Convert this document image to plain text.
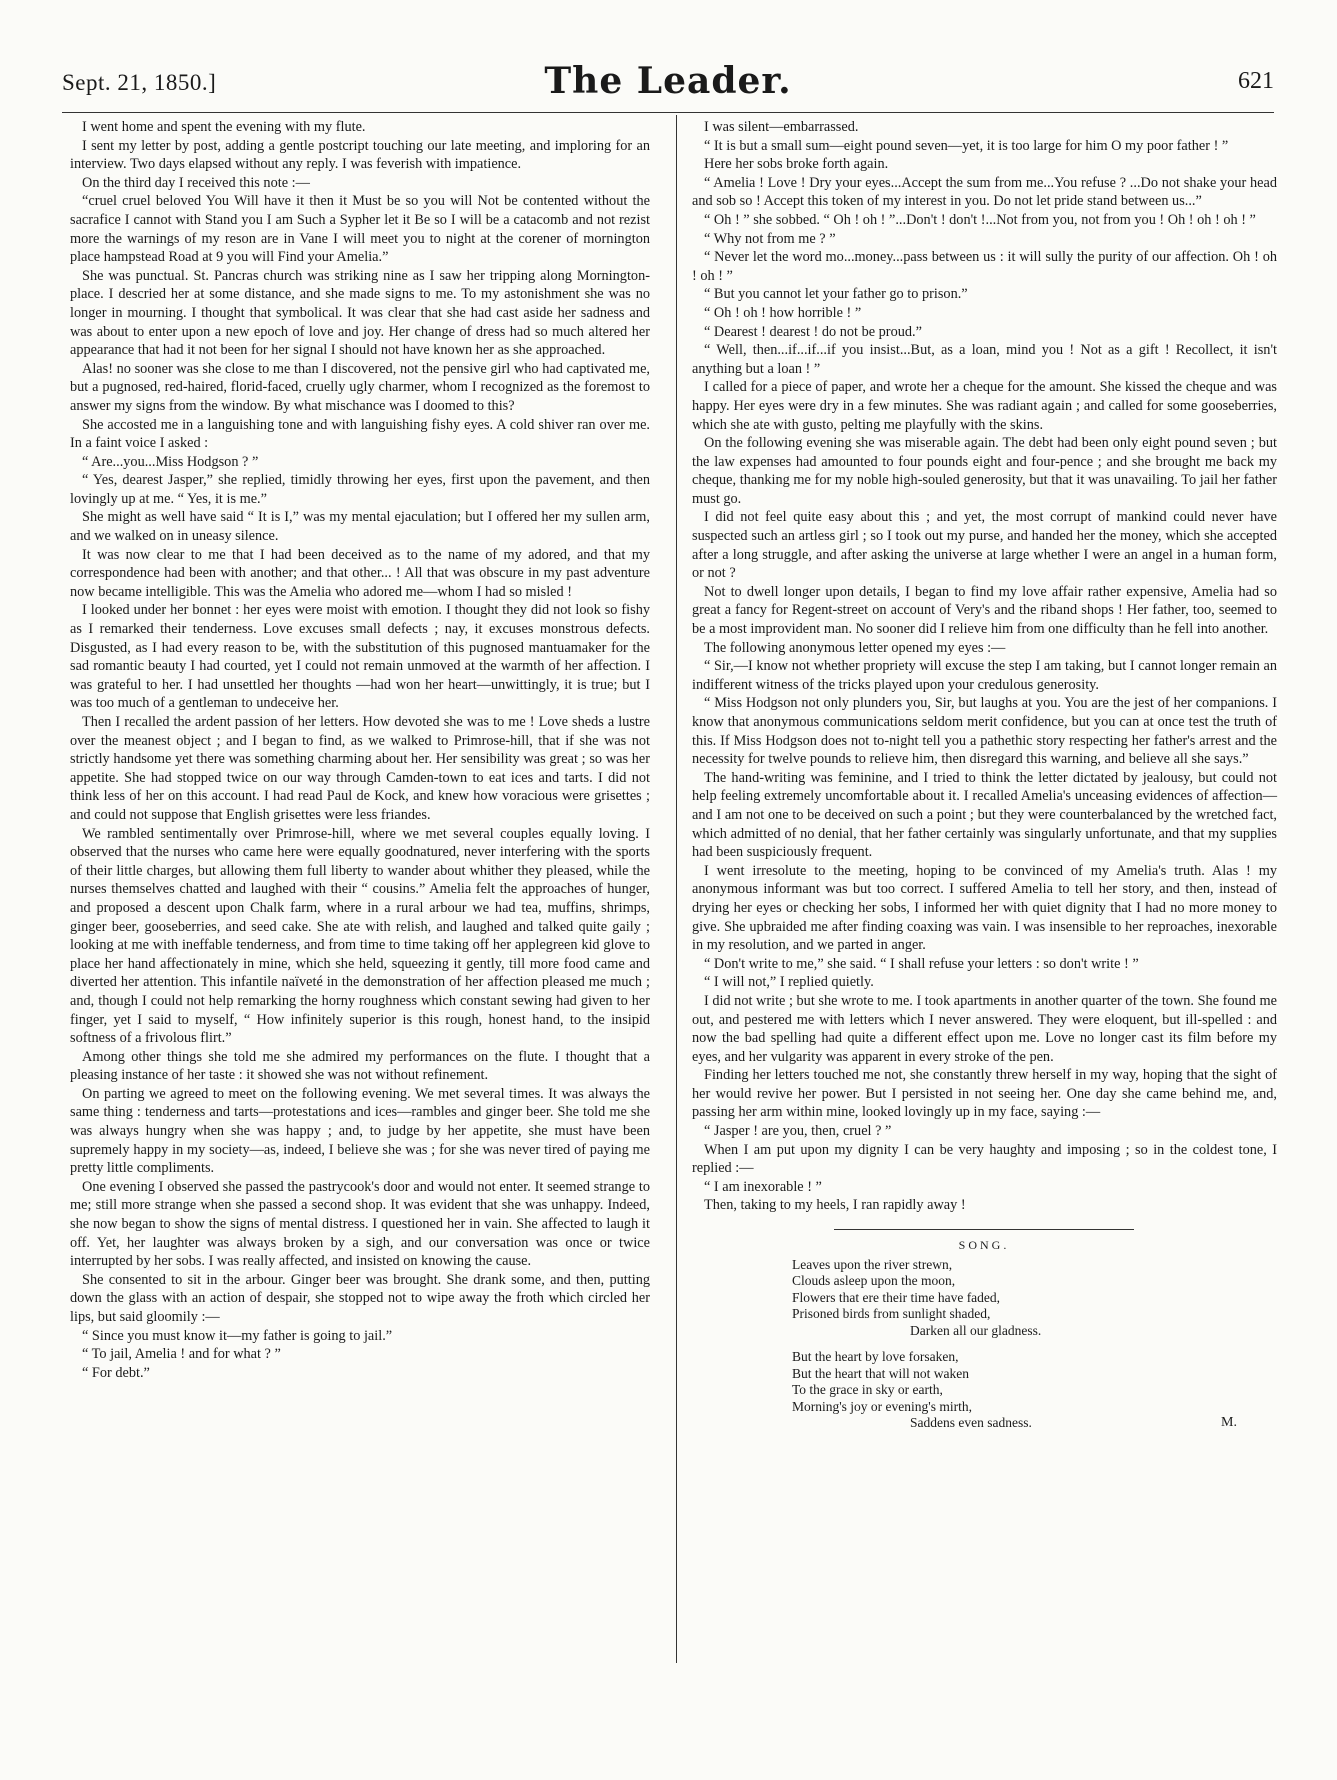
Sept. 21, 1850.]	The Leader.	621

I went home and spent the evening with my flute.

I sent my letter by post, adding a gentle postcript touching our late meeting, and imploring for an interview. Two days elapsed without any reply. I was feverish with impatience.

On the third day I received this note :—

“cruel cruel beloved You Will have it then it Must be so you will Not be contented without the sacrafice I cannot with Stand you I am Such a Sypher let it Be so I will be a catacomb and not rezist more the warnings of my reson are in Vane I will meet you to night at the corener of mornington place hampstead Road at 9 you will Find your Amelia.”

She was punctual. St. Pancras church was striking nine as I saw her tripping along Mornington-place. I descried her at some distance, and she made signs to me. To my astonishment she was no longer in mourning. I thought that symbolical. It was clear that she had cast aside her sadness and was about to enter upon a new epoch of love and joy. Her change of dress had so much altered her appearance that had it not been for her signal I should not have known her as she approached.

Alas! no sooner was she close to me than I discovered, not the pensive girl who had captivated me, but a pugnosed, red-haired, florid-faced, cruelly ugly charmer, whom I recognized as the foremost to answer my signs from the window. By what mischance was I doomed to this?

She accosted me in a languishing tone and with languishing fishy eyes. A cold shiver ran over me. In a faint voice I asked :

“ Are...you...Miss Hodgson ? ”

“ Yes, dearest Jasper,” she replied, timidly throwing her eyes, first upon the pavement, and then lovingly up at me. “ Yes, it is me.”

She might as well have said “ It is I,” was my mental ejaculation; but I offered her my sullen arm, and we walked on in uneasy silence.

It was now clear to me that I had been deceived as to the name of my adored, and that my correspondence had been with another; and that other... ! All that was obscure in my past adventure now became intelligible. This was the Amelia who adored me—whom I had so misled !

I looked under her bonnet : her eyes were moist with emotion. I thought they did not look so fishy as I remarked their tenderness. Love excuses small defects ; nay, it excuses monstrous defects. Disgusted, as I had every reason to be, with the substitution of this pugnosed mantuamaker for the sad romantic beauty I had courted, yet I could not remain unmoved at the warmth of her affection. I was grateful to her. I had unsettled her thoughts —had won her heart—unwittingly, it is true; but I was too much of a gentleman to undeceive her.

Then I recalled the ardent passion of her letters. How devoted she was to me ! Love sheds a lustre over the meanest object ; and I began to find, as we walked to Primrose-hill, that if she was not strictly handsome yet there was something charming about her. Her sensibility was great ; so was her appetite. She had stopped twice on our way through Camden-town to eat ices and tarts. I did not think less of her on this account. I had read Paul de Kock, and knew how voracious were grisettes ; and could not suppose that English grisettes were less friandes.

We rambled sentimentally over Primrose-hill, where we met several couples equally loving. I observed that the nurses who came here were equally goodnatured, never interfering with the sports of their little charges, but allowing them full liberty to wander about whither they pleased, while the nurses themselves chatted and laughed with their “ cousins.” Amelia felt the approaches of hunger, and proposed a descent upon Chalk farm, where in a rural arbour we had tea, muffins, shrimps, ginger beer, gooseberries, and seed cake. She ate with relish, and laughed and talked quite gaily ; looking at me with ineffable tenderness, and from time to time taking off her applegreen kid glove to place her hand affectionately in mine, which she held, squeezing it gently, till more food came and diverted her attention. This infantile naïveté in the demonstration of her affection pleased me much ; and, though I could not help remarking the horny roughness which constant sewing had given to her finger, yet I said to myself, “ How infinitely superior is this rough, honest hand, to the insipid softness of a frivolous flirt.”

Among other things she told me she admired my performances on the flute. I thought that a pleasing instance of her taste : it showed she was not without refinement.

On parting we agreed to meet on the following evening. We met several times. It was always the same thing : tenderness and tarts—protestations and ices—rambles and ginger beer. She told me she was always hungry when she was happy ; and, to judge by her appetite, she must have been supremely happy in my society—as, indeed, I believe she was ; for she was never tired of paying me pretty little compliments.

One evening I observed she passed the pastrycook's door and would not enter. It seemed strange to me; still more strange when she passed a second shop. It was evident that she was unhappy. Indeed, she now began to show the signs of mental distress. I questioned her in vain. She affected to laugh it off. Yet, her laughter was always broken by a sigh, and our conversation was once or twice interrupted by her sobs. I was really affected, and insisted on knowing the cause.

She consented to sit in the arbour. Ginger beer was brought. She drank some, and then, putting down the glass with an action of despair, she stopped not to wipe away the froth which circled her lips, but said gloomily :—

“ Since you must know it—my father is going to jail.”

“ To jail, Amelia ! and for what ? ”

“ For debt.”

I was silent—embarrassed.

“ It is but a small sum—eight pound seven—yet, it is too large for him O my poor father ! ”

Here her sobs broke forth again.

“ Amelia ! Love ! Dry your eyes...Accept the sum from me...You refuse ? ...Do not shake your head and sob so ! Accept this token of my interest in you. Do not let pride stand between us...”

“ Oh ! ” she sobbed. “ Oh ! oh ! ”...Don't ! don't !...Not from you, not from you ! Oh ! oh ! oh ! ”

“ Why not from me ? ”

“ Never let the word mo...money...pass between us : it will sully the purity of our affection. Oh ! oh ! oh ! ”

“ But you cannot let your father go to prison.”

“ Oh ! oh ! how horrible ! ”

“ Dearest ! dearest ! do not be proud.”

“ Well, then...if...if...if you insist...But, as a loan, mind you ! Not as a gift ! Recollect, it isn't anything but a loan ! ”

I called for a piece of paper, and wrote her a cheque for the amount. She kissed the cheque and was happy. Her eyes were dry in a few minutes. She was radiant again ; and called for some gooseberries, which she ate with gusto, pelting me playfully with the skins.

On the following evening she was miserable again. The debt had been only eight pound seven ; but the law expenses had amounted to four pounds eight and four-pence ; and she brought me back my cheque, thanking me for my noble high-souled generosity, but that it was unavailing. To jail her father must go.

I did not feel quite easy about this ; and yet, the most corrupt of mankind could never have suspected such an artless girl ; so I took out my purse, and handed her the money, which she accepted after a long struggle, and after asking the universe at large whether I were an angel in a human form, or not ?

Not to dwell longer upon details, I began to find my love affair rather expensive, Amelia had so great a fancy for Regent-street on account of Very's and the riband shops ! Her father, too, seemed to be a most improvident man. No sooner did I relieve him from one difficulty than he fell into another.

The following anonymous letter opened my eyes :—

“ Sir,—I know not whether propriety will excuse the step I am taking, but I cannot longer remain an indifferent witness of the tricks played upon your credulous generosity.

“ Miss Hodgson not only plunders you, Sir, but laughs at you. You are the jest of her companions. I know that anonymous communications seldom merit confidence, but you can at once test the truth of this. If Miss Hodgson does not to-night tell you a pathethic story respecting her father's arrest and the necessity for twelve pounds to relieve him, then disregard this warning, and believe all she says.”

The hand-writing was feminine, and I tried to think the letter dictated by jealousy, but could not help feeling extremely uncomfortable about it. I recalled Amelia's unceasing evidences of affection—and I am not one to be deceived on such a point ; but they were counterbalanced by the wretched fact, which admitted of no denial, that her father certainly was singularly unfortunate, and that my supplies had been suspiciously frequent.

I went irresolute to the meeting, hoping to be convinced of my Amelia's truth. Alas ! my anonymous informant was but too correct. I suffered Amelia to tell her story, and then, instead of drying her eyes or checking her sobs, I informed her with quiet dignity that I had no more money to give. She upbraided me after finding coaxing was vain. I was insensible to her reproaches, inexorable in my resolution, and we parted in anger.

“ Don't write to me,” she said. “ I shall refuse your letters : so don't write ! ”

“ I will not,” I replied quietly.

I did not write ; but she wrote to me. I took apartments in another quarter of the town. She found me out, and pestered me with letters which I never answered. They were eloquent, but ill-spelled : and now the bad spelling had quite a different effect upon me. Love no longer cast its film before my eyes, and her vulgarity was apparent in every stroke of the pen.

Finding her letters touched me not, she constantly threw herself in my way, hoping that the sight of her would revive her power. But I persisted in not seeing her. One day she came behind me, and, passing her arm within mine, looked lovingly up in my face, saying :—

“ Jasper ! are you, then, cruel ? ”

When I am put upon my dignity I can be very haughty and imposing ; so in the coldest tone, I replied :—

“ I am inexorable ! ”

Then, taking to my heels, I ran rapidly away !

SONG.
Leaves upon the river strewn,
Clouds asleep upon the moon,
Flowers that ere their time have faded,
Prisoned birds from sunlight shaded,
Darken all our gladness.
But the heart by love forsaken,
But the heart that will not waken
To the grace in sky or earth,
Morning's joy or evening's mirth,
Saddens even sadness.	M.
